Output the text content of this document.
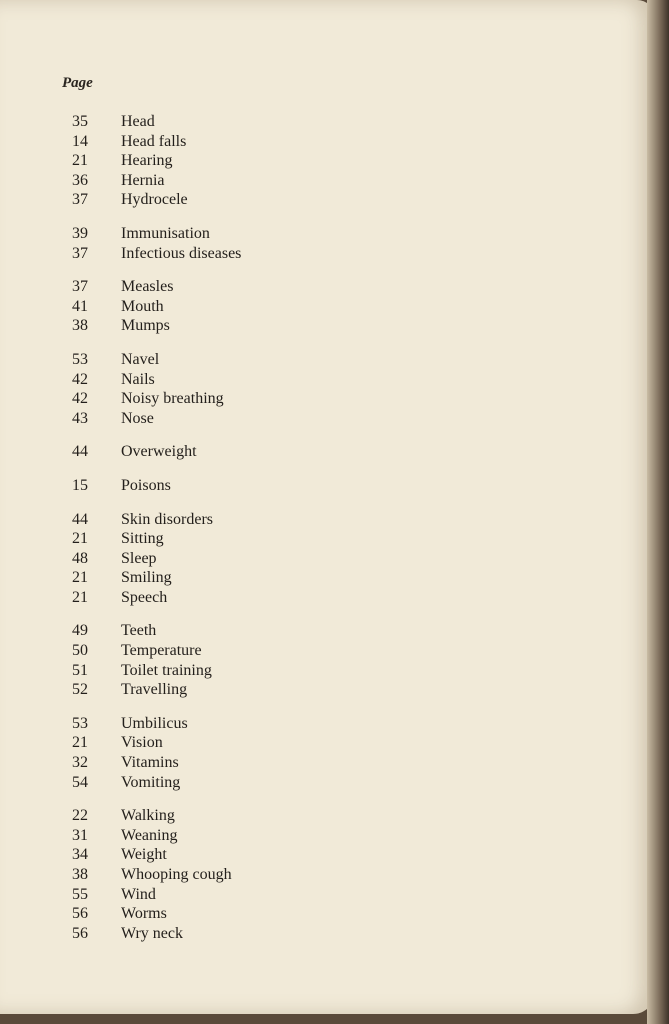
Page
35 Head
14 Head falls
21 Hearing
36 Hernia
37 Hydrocele
39 Immunisation
37 Infectious diseases
37 Measles
41 Mouth
38 Mumps
53 Navel
42 Nails
42 Noisy breathing
43 Nose
44 Overweight
15 Poisons
44 Skin disorders
21 Sitting
48 Sleep
21 Smiling
21 Speech
49 Teeth
50 Temperature
51 Toilet training
52 Travelling
53 Umbilicus
21 Vision
32 Vitamins
54 Vomiting
22 Walking
31 Weaning
34 Weight
38 Whooping cough
55 Wind
56 Worms
56 Wry neck
